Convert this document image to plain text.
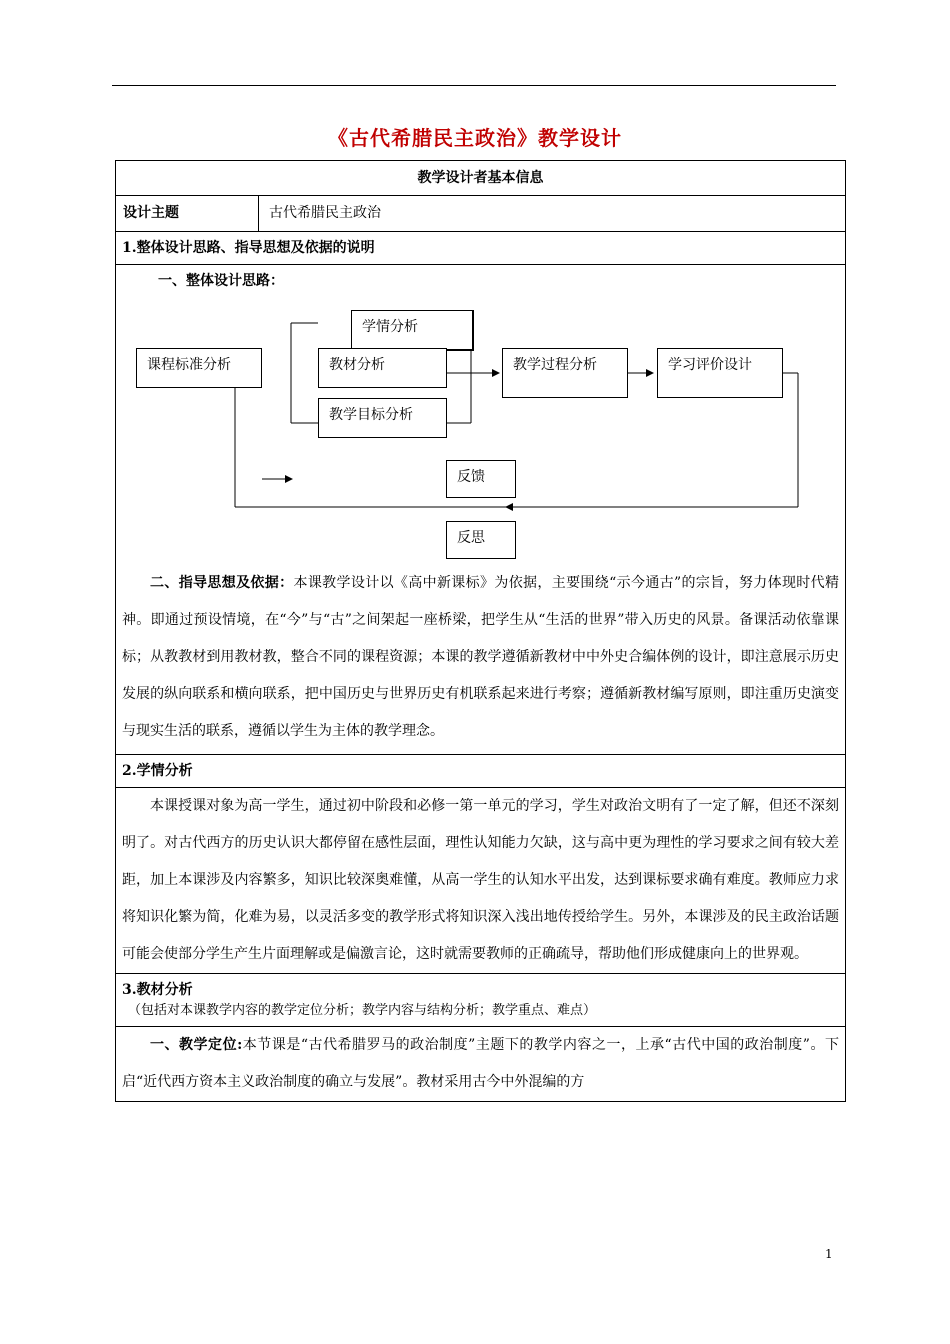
《古代希腊民主政治》教学设计
教学设计者基本信息
设计主题	古代希腊民主政治
1.整体设计思路、指导思想及依据的说明
一、整体设计思路：
课程标准分析
学情分析
教材分析
教学目标分析
教学过程分析	学习评价设计
反馈
反思
二、指导思想及依据：本课教学设计以《高中新课标》为依据，主要围绕“示今通古”的宗旨，努力体现时代精神。即通过预设情境，在“今”与“古”之间架起一座桥梁，把学生从“生活的世界”带入历史的风景。备课活动依靠课标；从教教材到用教材教，整合不同的课程资源；本课的教学遵循新教材中中外史合编体例的设计，即注意展示历史发展的纵向联系和横向联系，把中国历史与世界历史有机联系起来进行考察；遵循新教材编写原则，即注重历史演变与现实生活的联系，遵循以学生为主体的教学理念。
2.学情分析
本课授课对象为高一学生，通过初中阶段和必修一第一单元的学习，学生对政治文明有了一定了解，但还不深刻明了。对古代西方的历史认识大都停留在感性层面，理性认知能力欠缺，这与高中更为理性的学习要求之间有较大差距，加上本课涉及内容繁多，知识比较深奥难懂，从高一学生的认知水平出发，达到课标要求确有难度。教师应力求将知识化繁为简，化难为易，以灵活多变的教学形式将知识深入浅出地传授给学生。另外，本课涉及的民主政治话题可能会使部分学生产生片面理解或是偏激言论，这时就需要教师的正确疏导，帮助他们形成健康向上的世界观。
3.教材分析
（包括对本课教学内容的教学定位分析；教学内容与结构分析；教学重点、难点）
一、教学定位:本节课是“古代希腊罗马的政治制度”主题下的教学内容之一，上承“古代中国的政治制度”。下启“近代西方资本主义政治制度的确立与发展”。教材采用古今中外混编的方
1
